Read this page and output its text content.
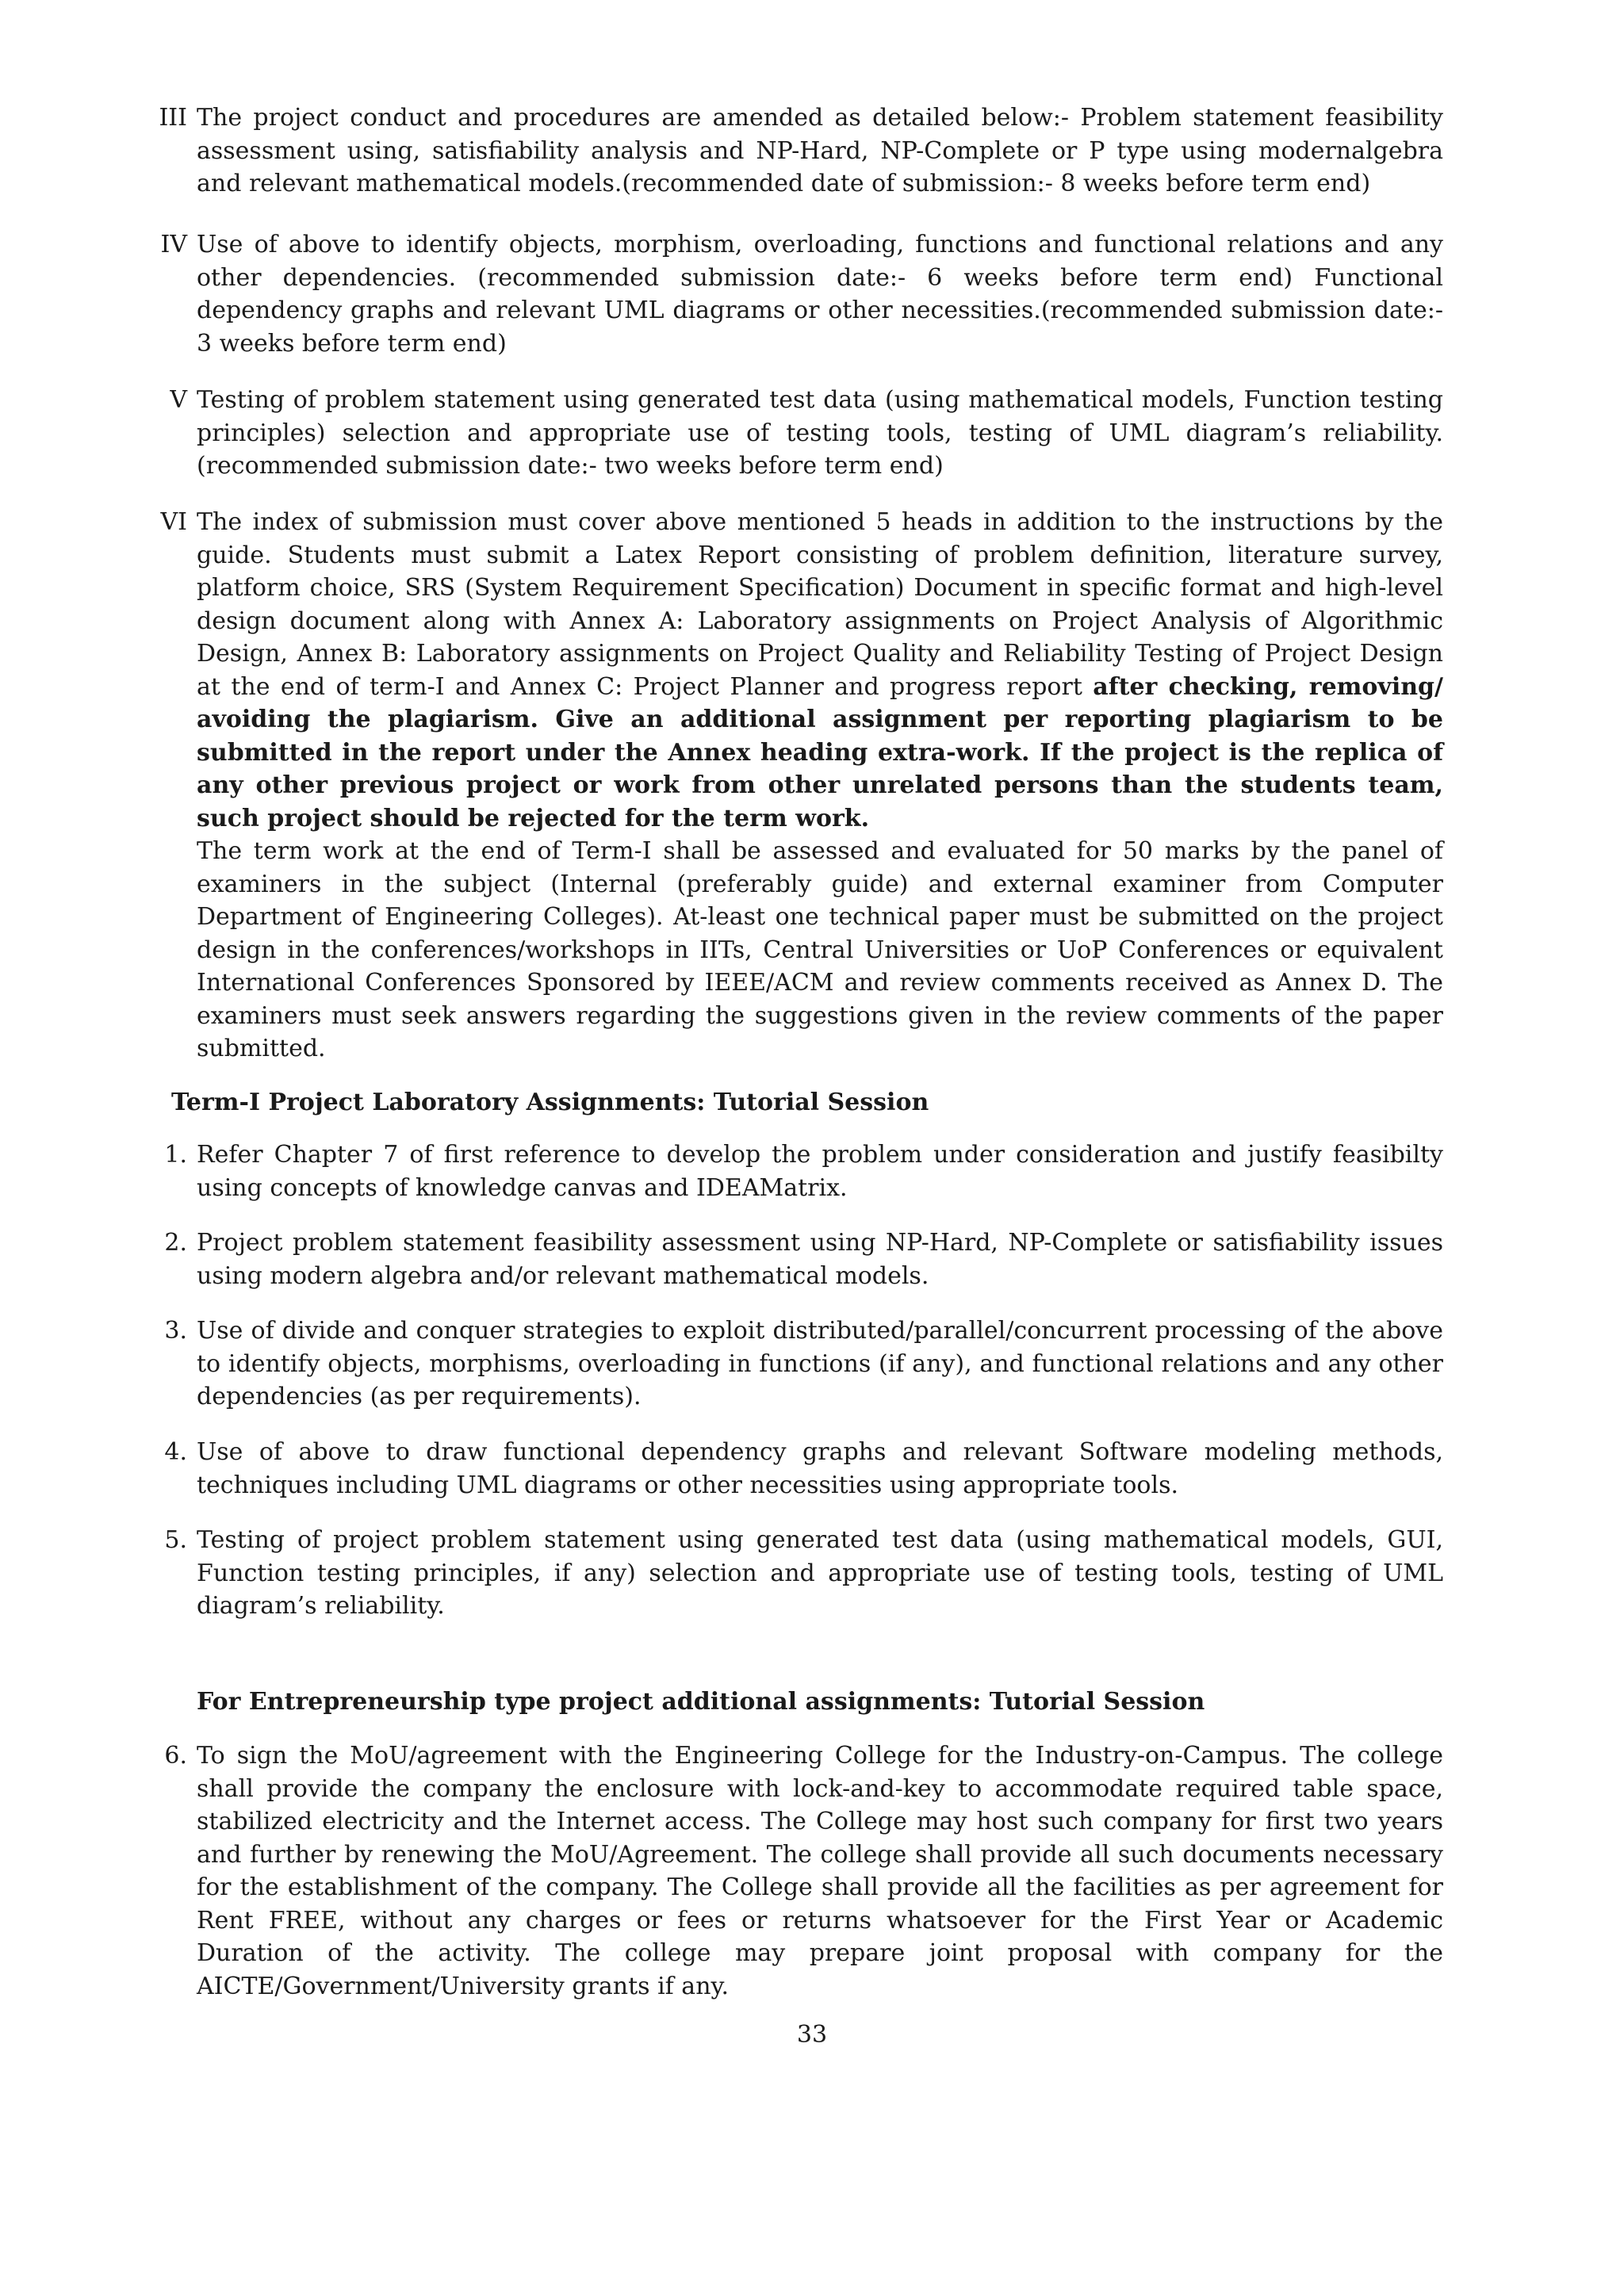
III The project conduct and procedures are amended as detailed below:- Problem statement feasibility assessment using, satisfiability analysis and NP-Hard, NP-Complete or P type using modernalgebra and relevant mathematical models.(recommended date of submission:- 8 weeks before term end)
IV Use of above to identify objects, morphism, overloading, functions and functional relations and any other dependencies. (recommended submission date:- 6 weeks before term end) Functional dependency graphs and relevant UML diagrams or other necessities.(recommended submission date:- 3 weeks before term end)
V Testing of problem statement using generated test data (using mathematical models, Function testing principles) selection and appropriate use of testing tools, testing of UML diagram’s reliability. (recommended submission date:- two weeks before term end)
VI The index of submission must cover above mentioned 5 heads in addition to the instructions by the guide. Students must submit a Latex Report consisting of problem definition, literature survey, platform choice, SRS (System Requirement Specification) Document in specific format and high-level design document along with Annex A: Laboratory assignments on Project Analysis of Algorithmic Design, Annex B: Laboratory assignments on Project Quality and Reliability Testing of Project Design at the end of term-I and Annex C: Project Planner and progress report after checking, removing/ avoiding the plagiarism. Give an additional assignment per reporting plagiarism to be submitted in the report under the Annex heading extra-work. If the project is the replica of any other previous project or work from other unrelated persons than the students team, such project should be rejected for the term work.
The term work at the end of Term-I shall be assessed and evaluated for 50 marks by the panel of examiners in the subject (Internal (preferably guide) and external examiner from Computer Department of Engineering Colleges). At-least one technical paper must be submitted on the project design in the conferences/workshops in IITs, Central Universities or UoP Conferences or equivalent International Conferences Sponsored by IEEE/ACM and review comments received as Annex D. The examiners must seek answers regarding the suggestions given in the review comments of the paper submitted.
Term-I Project Laboratory Assignments: Tutorial Session
1. Refer Chapter 7 of first reference to develop the problem under consideration and justify feasibilty using concepts of knowledge canvas and IDEAMatrix.
2. Project problem statement feasibility assessment using NP-Hard, NP-Complete or satisfiability issues using modern algebra and/or relevant mathematical models.
3. Use of divide and conquer strategies to exploit distributed/parallel/concurrent processing of the above to identify objects, morphisms, overloading in functions (if any), and functional relations and any other dependencies (as per requirements).
4. Use of above to draw functional dependency graphs and relevant Software modeling methods, techniques including UML diagrams or other necessities using appropriate tools.
5. Testing of project problem statement using generated test data (using mathematical models, GUI, Function testing principles, if any) selection and appropriate use of testing tools, testing of UML diagram’s reliability.
For Entrepreneurship type project additional assignments: Tutorial Session
6. To sign the MoU/agreement with the Engineering College for the Industry-on-Campus. The college shall provide the company the enclosure with lock-and-key to accommodate required table space, stabilized electricity and the Internet access. The College may host such company for first two years and further by renewing the MoU/Agreement. The college shall provide all such documents necessary for the establishment of the company. The College shall provide all the facilities as per agreement for Rent FREE, without any charges or fees or returns whatsoever for the First Year or Academic Duration of the activity. The college may prepare joint proposal with company for the AICTE/Government/University grants if any.
33
